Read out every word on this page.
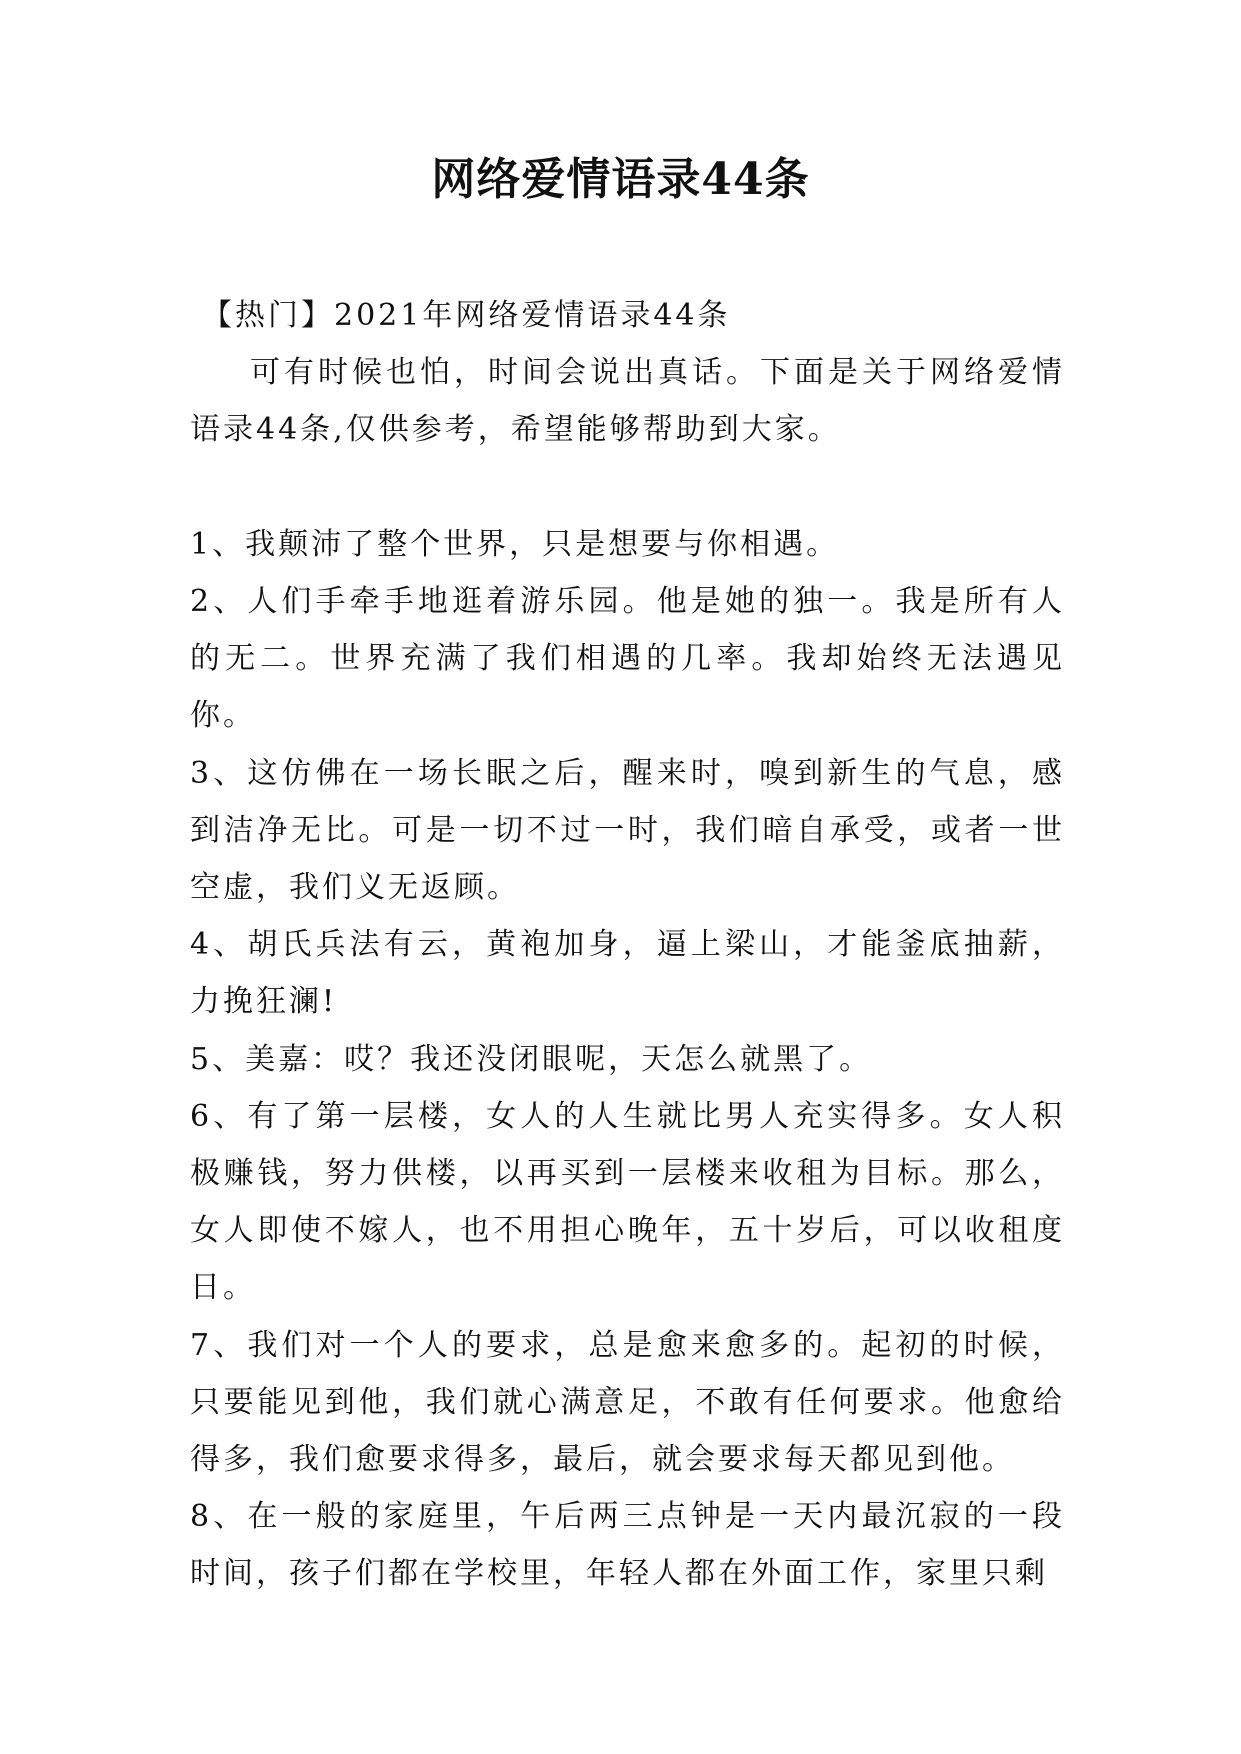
网络爱情语录44条

【热门】2021年网络爱情语录44条

可有时候也怕，时间会说出真话。下面是关于网络爱情语录44条,仅供参考，希望能够帮助到大家。

1、我颠沛了整个世界，只是想要与你相遇。

2、人们手牵手地逛着游乐园。他是她的独一。我是所有人的无二。世界充满了我们相遇的几率。我却始终无法遇见你。

3、这仿佛在一场长眠之后，醒来时，嗅到新生的气息，感到洁净无比。可是一切不过一时，我们暗自承受，或者一世空虚，我们义无返顾。

4、胡氏兵法有云，黄袍加身，逼上梁山，才能釜底抽薪，力挽狂澜!

5、美嘉：哎？我还没闭眼呢，天怎么就黑了。

6、有了第一层楼，女人的人生就比男人充实得多。女人积极赚钱，努力供楼，以再买到一层楼来收租为目标。那么，女人即使不嫁人，也不用担心晚年，五十岁后，可以收租度日。

7、我们对一个人的要求，总是愈来愈多的。起初的时候，只要能见到他，我们就心满意足，不敢有任何要求。他愈给得多，我们愈要求得多，最后，就会要求每天都见到他。

8、在一般的家庭里，午后两三点钟是一天内最沉寂的一段时间，孩子们都在学校里，年轻人都在外面工作，家里只剩
